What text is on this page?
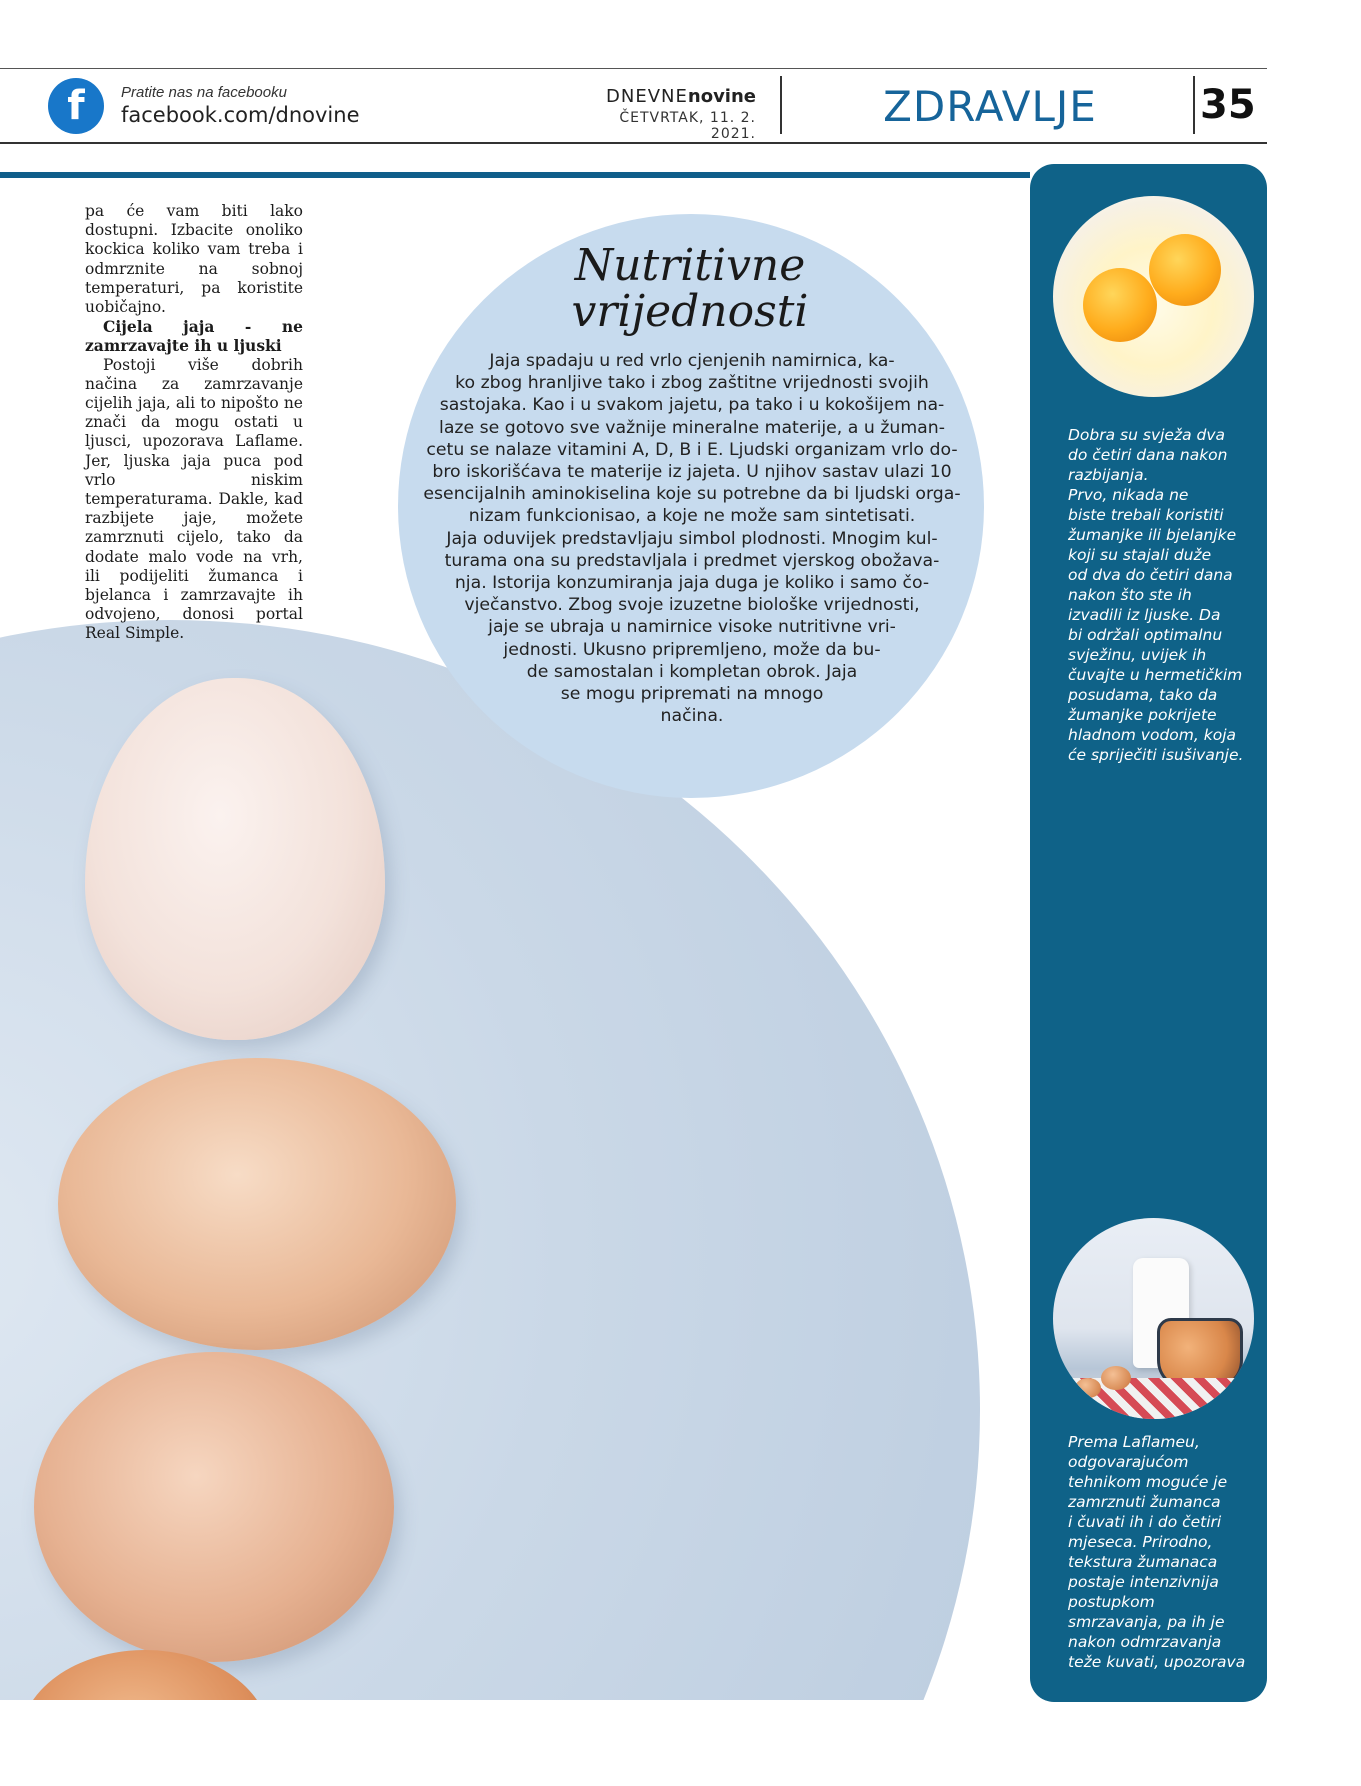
f	Pratite nas na facebooku
facebook.com/dnovine
DNEVNEnovine
ČETVRTAK, 11. 2. 2021.
ZDRAVLJE	35

pa će vam biti lako dostupni. Izbacite onoliko kockica koliko vam treba i odmrznite na sobnoj temperaturi, pa koristite uobičajno.

Cijela jaja - ne zamrzavajte ih u ljuski

Postoji više dobrih načina za zamrzavanje cijelih jaja, ali to nipošto ne znači da mogu ostati u ljusci, upozorava Laflame. Jer, ljuska jaja puca pod vrlo niskim temperaturama. Dakle, kad razbijete jaje, možete zamrznuti cijelo, tako da dodate malo vode na vrh, ili podijeliti žumanca i bjelanca i zamrzavajte ih odvojeno, donosi portal Real Simple.

Nutritivne
vrijednosti
Jaja spadaju u red vrlo cjenjenih namirnica, ka-
ko zbog hranljive tako i zbog zaštitne vrijednosti svojih
sastojaka. Kao i u svakom jajetu, pa tako i u kokošijem na-
laze se gotovo sve važnije mineralne materije, a u žuman-
cetu se nalaze vitamini A, D, B i E. Ljudski organizam vrlo do-
bro iskorišćava te materije iz jajeta. U njihov sastav ulazi 10
esencijalnih aminokiselina koje su potrebne da bi ljudski orga-
nizam funkcionisao, a koje ne može sam sintetisati.
Jaja oduvijek predstavljaju simbol plodnosti. Mnogim kul-
turama ona su predstavljala i predmet vjerskog obožava-
nja. Istorija konzumiranja jaja duga je koliko i samo čo-
vječanstvo. Zbog svoje izuzetne biološke vrijednosti,
jaje se ubraja u namirnice visoke nutritivne vri-
jednosti. Ukusno pripremljeno, može da bu-
de samostalan i kompletan obrok. Jaja
se mogu pripremati na mnogo
načina.
Dobra su svježa dva
do četiri dana nakon
razbijanja.
Prvo, nikada ne
biste trebali koristiti
žumanjke ili bjelanjke
koji su stajali duže
od dva do četiri dana
nakon što ste ih
izvadili iz ljuske. Da
bi održali optimalnu
svježinu, uvijek ih
čuvajte u hermetičkim
posudama, tako da
žumanjke pokrijete
hladnom vodom, koja
će spriječiti isušivanje.
Prema Laflameu,
odgovarajućom
tehnikom moguće je
zamrznuti žumanca
i čuvati ih i do četiri
mjeseca. Prirodno,
tekstura žumanaca
postaje intenzivnija
postupkom
smrzavanja, pa ih je
nakon odmrzavanja
teže kuvati, upozorava
